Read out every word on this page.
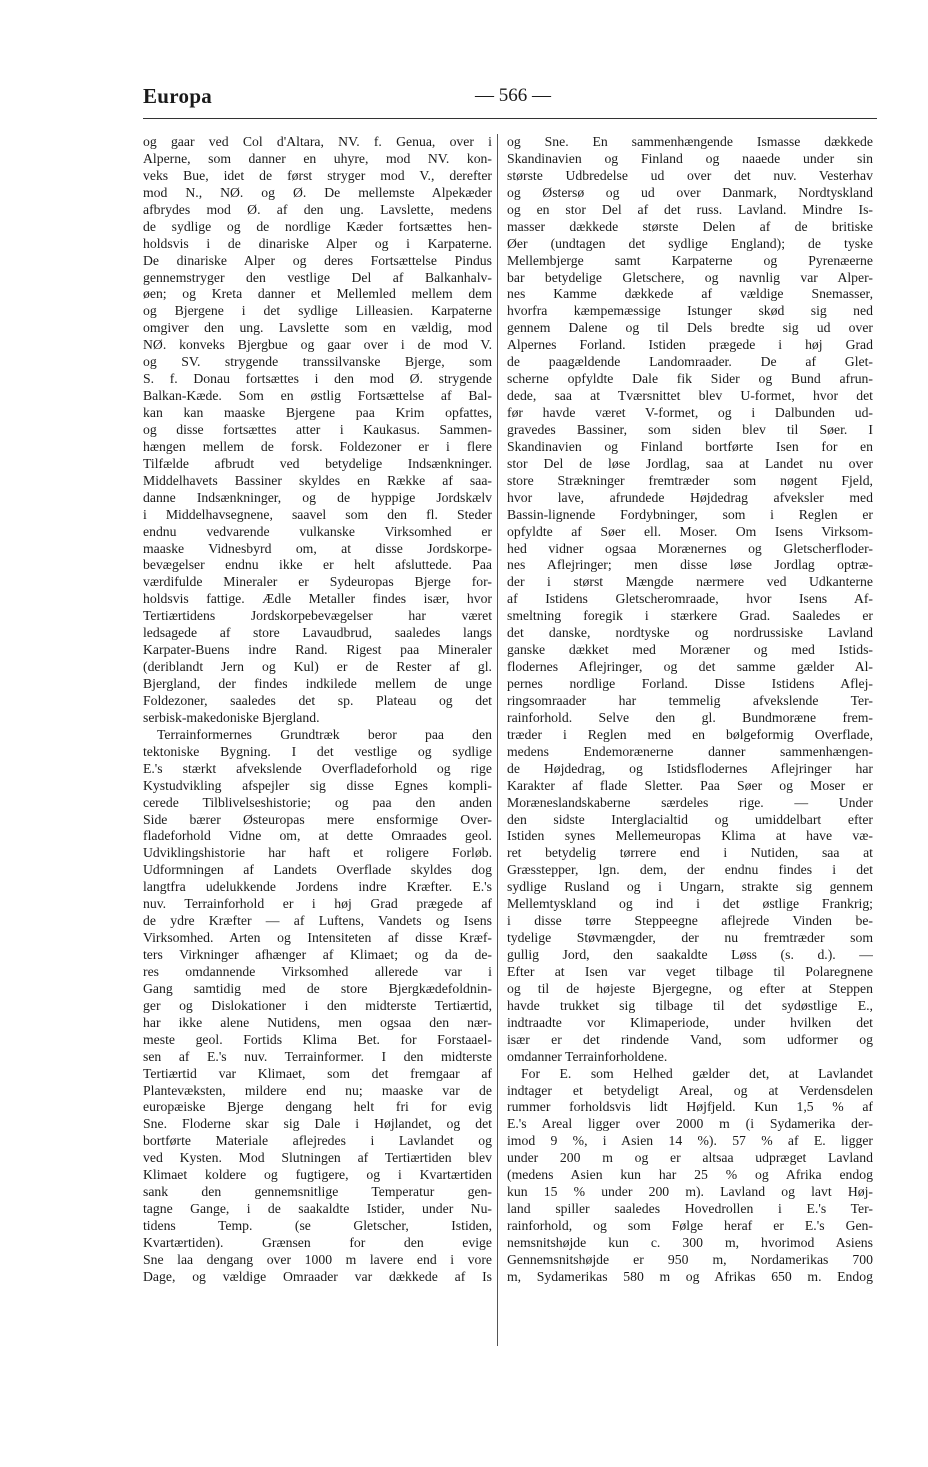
Europa	— 566 —
og gaar ved Col d'Altara, NV. f. Genua, over i
Alperne, som danner en uhyre, mod NV. kon-
veks Bue, idet de først stryger mod V., derefter
mod N., NØ. og Ø. De mellemste Alpekæder
afbrydes mod Ø. af den ung. Lavslette, medens
de sydlige og de nordlige Kæder fortsættes hen-
holdsvis i de dinariske Alper og i Karpaterne.
De dinariske Alper og deres Fortsættelse Pindus
gennemstryger den vestlige Del af Balkanhalv-
øen; og Kreta danner et Mellemled mellem dem
og Bjergene i det sydlige Lilleasien. Karpaterne
omgiver den ung. Lavslette som en vældig, mod
NØ. konveks Bjergbue og gaar over i de mod V.
og SV. strygende transsilvanske Bjerge, som
S. f. Donau fortsættes i den mod Ø. strygende
Balkan-Kæde. Som en østlig Fortsættelse af Bal-
kan kan maaske Bjergene paa Krim opfattes,
og disse fortsættes atter i Kaukasus. Sammen-
hængen mellem de forsk. Foldezoner er i flere
Tilfælde afbrudt ved betydelige Indsænkninger.
Middelhavets Bassiner skyldes en Række af saa-
danne Indsænkninger, og de hyppige Jordskælv
i Middelhavsegnene, saavel som den fl. Steder
endnu vedvarende vulkanske Virksomhed er
maaske Vidnesbyrd om, at disse Jordskorpe-
bevægelser endnu ikke er helt afsluttede. Paa
værdifulde Mineraler er Sydeuropas Bjerge for-
holdsvis fattige. Ædle Metaller findes især, hvor
Tertiærtidens Jordskorpebevægelser har været
ledsagede af store Lavaudbrud, saaledes langs
Karpater-Buens indre Rand. Rigest paa Mineraler
(deriblandt Jern og Kul) er de Rester af gl.
Bjergland, der findes indkilede mellem de unge
Foldezoner, saaledes det sp. Plateau og det
serbisk-makedoniske Bjergland.
Terrainformernes Grundtræk beror paa den
tektoniske Bygning. I det vestlige og sydlige
E.'s stærkt afvekslende Overfladeforhold og rige
Kystudvikling afspejler sig disse Egnes kompli-
cerede Tilblivelseshistorie; og paa den anden
Side bærer Østeuropas mere ensformige Over-
fladeforhold Vidne om, at dette Omraades geol.
Udviklingshistorie har haft et roligere Forløb.
Udformningen af Landets Overflade skyldes dog
langtfra udelukkende Jordens indre Kræfter. E.'s
nuv. Terrainforhold er i høj Grad prægede af
de ydre Kræfter — af Luftens, Vandets og Isens
Virksomhed. Arten og Intensiteten af disse Kræf-
ters Virkninger afhænger af Klimaet; og da de-
res omdannende Virksomhed allerede var i
Gang samtidig med de store Bjergkædefoldnin-
ger og Dislokationer i den midterste Tertiærtid,
har ikke alene Nutidens, men ogsaa den nær-
meste geol. Fortids Klima Bet. for Forstaael-
sen af E.'s nuv. Terrainformer. I den midterste
Tertiærtid var Klimaet, som det fremgaar af
Plantevæksten, mildere end nu; maaske var de
europæiske Bjerge dengang helt fri for evig
Sne. Floderne skar sig Dale i Højlandet, og det
bortførte Materiale aflejredes i Lavlandet og
ved Kysten. Mod Slutningen af Tertiærtiden blev
Klimaet koldere og fugtigere, og i Kvartærtiden
sank den gennemsnitlige Temperatur gen-
tagne Gange, i de saakaldte Istider, under Nu-
tidens Temp. (se Gletscher, Istiden,
Kvartærtiden). Grænsen for den evige
Sne laa dengang over 1000 m lavere end i vore
Dage, og vældige Omraader var dækkede af Is
og Sne. En sammenhængende Ismasse dækkede
Skandinavien og Finland og naaede under sin
største Udbredelse ud over det nuv. Vesterhav
og Østersø og ud over Danmark, Nordtyskland
og en stor Del af det russ. Lavland. Mindre Is-
masser dækkede største Delen af de britiske
Øer (undtagen det sydlige England); de tyske
Mellembjerge samt Karpaterne og Pyrenæerne
bar betydelige Gletschere, og navnlig var Alper-
nes Kamme dækkede af vældige Snemasser,
hvorfra kæmpemæssige Istunger skød sig ned
gennem Dalene og til Dels bredte sig ud over
Alpernes Forland. Istiden prægede i høj Grad
de paagældende Landomraader. De af Glet-
scherne opfyldte Dale fik Sider og Bund afrun-
dede, saa at Tværsnittet blev U-formet, hvor det
før havde været V-formet, og i Dalbunden ud-
gravedes Bassiner, som siden blev til Søer. I
Skandinavien og Finland bortførte Isen for en
stor Del de løse Jordlag, saa at Landet nu over
store Strækninger fremtræder som nøgent Fjeld,
hvor lave, afrundede Højdedrag afveksler med
Bassin-lignende Fordybninger, som i Reglen er
opfyldte af Søer ell. Moser. Om Isens Virksom-
hed vidner ogsaa Morænernes og Gletscherfloder-
nes Aflejringer; men disse løse Jordlag optræ-
der i størst Mængde nærmere ved Udkanterne
af Istidens Gletscheromraade, hvor Isens Af-
smeltning foregik i stærkere Grad. Saaledes er
det danske, nordtyske og nordrussiske Lavland
ganske dækket med Moræner og med Istids-
flodernes Aflejringer, og det samme gælder Al-
pernes nordlige Forland. Disse Istidens Aflej-
ringsomraader har temmelig afvekslende Ter-
rainforhold. Selve den gl. Bundmoræne frem-
træder i Reglen med en bølgeformig Overflade,
medens Endemorænerne danner sammenhængen-
de Højdedrag, og Istidsflodernes Aflejringer har
Karakter af flade Sletter. Paa Søer og Moser er
Moræneslandskaberne særdeles rige. — Under
den sidste Interglacialtid og umiddelbart efter
Istiden synes Mellemeuropas Klima at have væ-
ret betydelig tørrere end i Nutiden, saa at
Græsstepper, lgn. dem, der endnu findes i det
sydlige Rusland og i Ungarn, strakte sig gennem
Mellemtyskland og ind i det østlige Frankrig;
i disse tørre Steppeegne aflejrede Vinden be-
tydelige Støvmængder, der nu fremtræder som
gullig Jord, den saakaldte Løss (s. d.). —
Efter at Isen var veget tilbage til Polaregnene
og til de højeste Bjergegne, og efter at Steppen
havde trukket sig tilbage til det sydøstlige E.,
indtraadte vor Klimaperiode, under hvilken det
især er det rindende Vand, som udformer og
omdanner Terrainforholdene.
For E. som Helhed gælder det, at Lavlandet
indtager et betydeligt Areal, og at Verdensdelen
rummer forholdsvis lidt Højfjeld. Kun 1,5 % af
E.'s Areal ligger over 2000 m (i Sydamerika der-
imod 9 %, i Asien 14 %). 57 % af E. ligger
under 200 m og er altsaa udpræget Lavland
(medens Asien kun har 25 % og Afrika endog
kun 15 % under 200 m). Lavland og lavt Høj-
land spiller saaledes Hovedrollen i E.'s Ter-
rainforhold, og som Følge heraf er E.'s Gen-
nemsnitshøjde kun c. 300 m, hvorimod Asiens
Gennemsnitshøjde er 950 m, Nordamerikas 700
m, Sydamerikas 580 m og Afrikas 650 m. Endog
